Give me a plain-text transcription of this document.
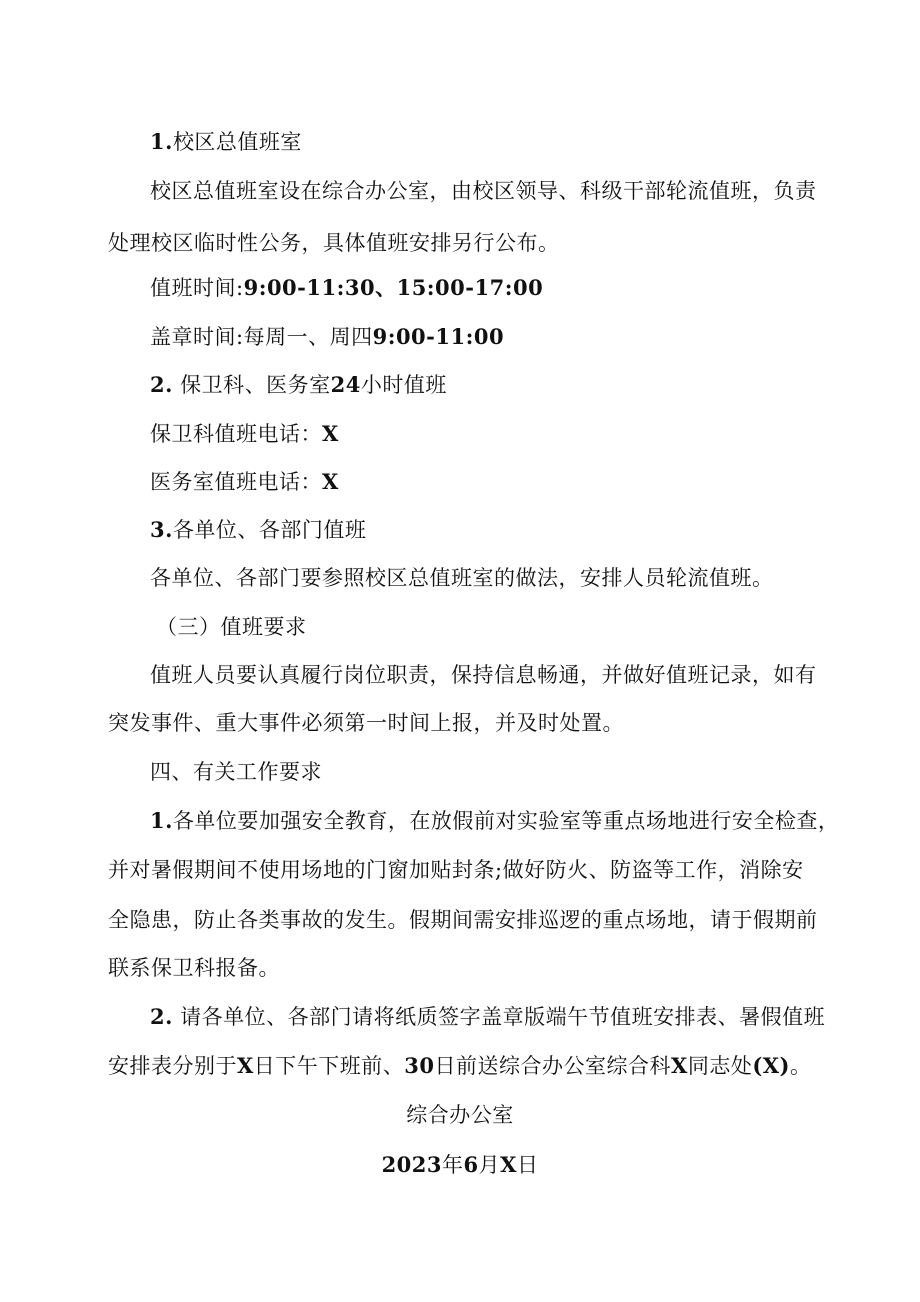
1.校区总值班室
校区总值班室设在综合办公室，由校区领导、科级干部轮流值班，负责
处理校区临时性公务，具体值班安排另行公布。
值班时间:9:00-11:30、15:00-17:00
盖章时间:每周一、周四9:00-11:00
2. 保卫科、医务室24小时值班
保卫科值班电话：X
医务室值班电话：X
3.各单位、各部门值班
各单位、各部门要参照校区总值班室的做法，安排人员轮流值班。
（三）值班要求
值班人员要认真履行岗位职责，保持信息畅通，并做好值班记录，如有
突发事件、重大事件必须第一时间上报，并及时处置。
四、有关工作要求
1.各单位要加强安全教育，在放假前对实验室等重点场地进行安全检查，
并对暑假期间不使用场地的门窗加贴封条;做好防火、防盗等工作，消除安
全隐患，防止各类事故的发生。假期间需安排巡逻的重点场地，请于假期前
联系保卫科报备。
2. 请各单位、各部门请将纸质签字盖章版端午节值班安排表、暑假值班
安排表分别于X日下午下班前、30日前送综合办公室综合科X同志处(X)。
综合办公室
2023年6月X日
